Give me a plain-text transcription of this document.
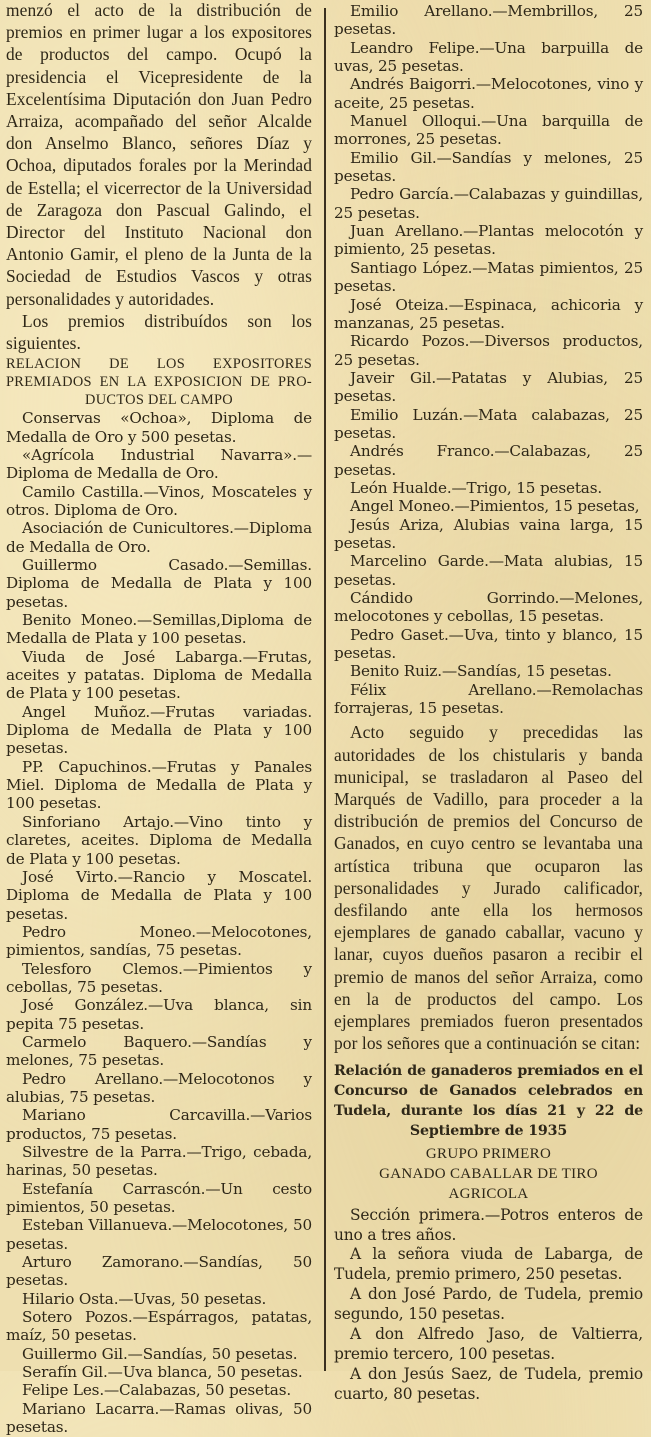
menzó el acto de la distribución de premios en primer lugar a los expositores de productos del campo. Ocupó la presidencia el Vicepresidente de la Excelentísima Diputación don Juan Pedro Arraiza, acompañado del señor Alcalde don Anselmo Blanco, señores Díaz y Ochoa, diputados forales por la Merindad de Estella; el vicerrector de la Universidad de Zaragoza don Pascual Galindo, el Director del Instituto Nacional don Antonio Gamir, el pleno de la Junta de la Sociedad de Estudios Vascos y otras personalidades y autoridades.

Los premios distribuídos son los siguientes.

RELACION DE LOS EXPOSITORES PREMIADOS EN LA EXPOSICION DE PRO-

DUCTOS DEL CAMPO

Conservas «Ochoa», Diploma de Medalla de Oro y 500 pesetas.

«Agrícola Industrial Navarra».—Diploma de Medalla de Oro.

Camilo Castilla.—Vinos, Moscateles y otros. Diploma de Oro.

Asociación de Cunicultores.—Diploma de Medalla de Oro.

Guillermo Casado.—Semillas. Diploma de Medalla de Plata y 100 pesetas.

Benito Moneo.—Semillas,Diploma de Medalla de Plata y 100 pesetas.

Viuda de José Labarga.—Frutas, aceites y patatas. Diploma de Medalla de Plata y 100 pesetas.

Angel Muñoz.—Frutas variadas. Diploma de Medalla de Plata y 100 pesetas.

PP. Capuchinos.—Frutas y Panales Miel. Diploma de Medalla de Plata y 100 pesetas.

Sinforiano Artajo.—Vino tinto y claretes, aceites. Diploma de Medalla de Plata y 100 pesetas.

José Virto.—Rancio y Moscatel. Diploma de Medalla de Plata y 100 pesetas.

Pedro Moneo.—Melocotones, pimientos, sandías, 75 pesetas.

Telesforo Clemos.—Pimientos y cebollas, 75 pesetas.

José González.—Uva blanca, sin pepita 75 pesetas.

Carmelo Baquero.—Sandías y melones, 75 pesetas.

Pedro Arellano.—Melocotonos y alubias, 75 pesetas.

Mariano Carcavilla.—Varios productos, 75 pesetas.

Silvestre de la Parra.—Trigo, cebada, harinas, 50 pesetas.

Estefanía Carrascón.—Un cesto pimientos, 50 pesetas.

Esteban Villanueva.—Melocotones, 50 pesetas.

Arturo Zamorano.—Sandías, 50 pesetas.

Hilario Osta.—Uvas, 50 pesetas.

Sotero Pozos.—Espárragos, patatas, maíz, 50 pesetas.

Guillermo Gil.—Sandías, 50 pesetas.

Serafín Gil.—Uva blanca, 50 pesetas.

Felipe Les.—Calabazas, 50 pesetas.

Mariano Lacarra.—Ramas olivas, 50 pesetas.

Emilio Arellano.—Membrillos, 25 pesetas.

Leandro Felipe.—Una barpuilla de uvas, 25 pesetas.

Andrés Baigorri.—Melocotones, vino y aceite, 25 pesetas.

Manuel Olloqui.—Una barquilla de morrones, 25 pesetas.

Emilio Gil.—Sandías y melones, 25 pesetas.

Pedro García.—Calabazas y guindillas, 25 pesetas.

Juan Arellano.—Plantas melocotón y pimiento, 25 pesetas.

Santiago López.—Matas pimientos, 25 pesetas.

José Oteiza.—Espinaca, achicoria y manzanas, 25 pesetas.

Ricardo Pozos.—Diversos productos, 25 pesetas.

Javeir Gil.—Patatas y Alubias, 25 pesetas.

Emilio Luzán.—Mata calabazas, 25 pesetas.

Andrés Franco.—Calabazas, 25 pesetas.

León Hualde.—Trigo, 15 pesetas.

Angel Moneo.—Pimientos, 15 pesetas,

Jesús Ariza, Alubias vaina larga, 15 pesetas.

Marcelino Garde.—Mata alubias, 15 pesetas.

Cándido Gorrindo.—Melones, melocotones y cebollas, 15 pesetas.

Pedro Gaset.—Uva, tinto y blanco, 15 pesetas.

Benito Ruiz.—Sandías, 15 pesetas.

Félix Arellano.—Remolachas forrajeras, 15 pesetas.

Acto seguido y precedidas las autoridades de los chistularis y banda municipal, se trasladaron al Paseo del Marqués de Vadillo, para proceder a la distribución de premios del Concurso de Ganados, en cuyo centro se levantaba una artística tribuna que ocuparon las personalidades y Jurado calificador, desfilando ante ella los hermosos ejemplares de ganado caballar, vacuno y lanar, cuyos dueños pasaron a recibir el premio de manos del señor Arraiza, como en la de productos del campo. Los ejemplares premiados fueron presentados por los señores que a continuación se citan:

Relación de ganaderos premiados en el Concurso de Ganados celebrados en Tudela, durante los días 21 y 22 de

Septiembre de 1935

GRUPO PRIMERO

GANADO CABALLAR DE TIRO

AGRICOLA

Sección primera.—Potros enteros de uno a tres años.

A la señora viuda de Labarga, de Tudela, premio primero, 250 pesetas.

A don José Pardo, de Tudela, premio segundo, 150 pesetas.

A don Alfredo Jaso, de Valtierra, premio tercero, 100 pesetas.

A don Jesús Saez, de Tudela, premio cuarto, 80 pesetas.
